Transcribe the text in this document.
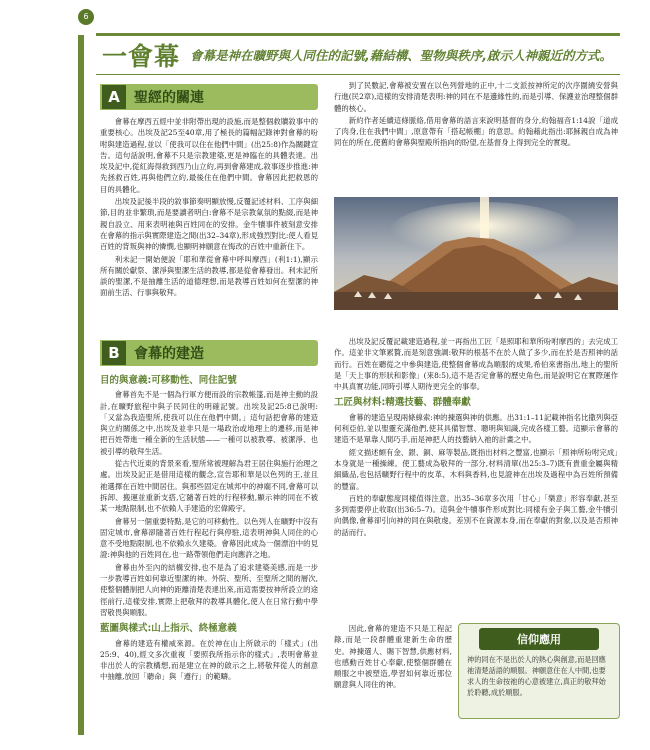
6
一會幕 會幕是神在曠野與人同住的記號,藉結構、聖物與秩序,啟示人神親近的方式。
A	聖經的關連

會幕在摩西五經中並非附帶出現的設施,而是整個救贖敘事中的重要核心。出埃及記25至40章,用了極長的篇幅記錄神對會幕的吩咐與建造過程,並以「使我可以住在他們中間」(出25:8)作為關鍵宣告。這句話說明,會幕不只是宗教建築,更是神臨在的具體表達。出埃及記中,從紅海得救到西乃山立約,再到會幕建成,敘事逐步推進:神先拯救百姓,再與他們立約,最後住在他們中間。會幕因此把救恩的目的具體化。

出埃及記後半段的敘事節奏明顯放慢,反覆記述材料、工序與細節,目的並非繁瑣,而是要讀者明白:會幕不是宗教氣氛的點綴,而是神親自設立、用來表明祂與百姓同在的安排。金牛犢事件被刻意安排在會幕的指示與實際建造之間(出32–34章),形成強烈對比:使人看見百姓的背叛與神的憐憫,也顯明神願意在悔改的百姓中重新住下。

利未記一開始便說「耶和華從會幕中呼叫摩西」(利1:1),顯示所有關於獻祭、潔淨與聖潔生活的教導,都是從會幕發出。利未記所談的聖潔,不是抽離生活的道德理想,而是教導百姓如何在聖潔的神面前生活、行事與敬拜。

到了民數記,會幕被安置在以色列營地的正中,十二支派按神所定的次序圍繞安營與行進(民2章),這樣的安排清楚表明:神的同在不是邊緣性的,而是引導、保護並治理整個群體的核心。

新約作者延續這條脈絡,借用會幕的語言來說明基督的身分,約翰福音1:14說「道成了肉身,住在我們中間」,原意帶有「搭起帳棚」的意思。約翰藉此指出:耶穌親自成為神同在的所在,使舊約會幕與聖殿所指向的盼望,在基督身上得到完全的實現。

B	會幕的建造
目的與意義:可移動性、同住記號

會幕首先不是一個為行軍方便而設的宗教帳篷,而是神主動的設計,在曠野旅程中與子民同住的明確記號。出埃及記25:8已說明:「又當為我造聖所,使我可以住在他們中間。」這句話把會幕的建造與立約關係之中,出埃及並非只是一場政治或地理上的遷移,而是神把百姓帶進一種全新的生活狀態——一種可以被教導、被潔淨、也被引導的敬拜生活。

從古代近東的背景來看,聖所常被理解為君王居住與施行治理之處。出埃及記正是借用這樣的觀念,宣告耶和華是以色列的王,並且祂選擇在百姓中間居住。與那些固定在城邦中的神廟不同,會幕可以拆卸、搬運並重新支搭,它隨著百姓的行程移動,顯示神的同在不被某一地點限制,也不依賴人手建造的宏偉殿宇。

會幕另一個重要特點,是它的可移動性。以色列人在曠野中沒有固定城市,會幕卻隨著百姓行程起行與停駐,這表明神與人同住的心意不受地點限制,也不依賴永久建築。會幕因此成為一個漂泊中的見證:神與他的百姓同在,也一路帶領他們走向應許之地。

會幕由外至內的結構安排,也不是為了追求建築美感,而是一步一步教導百姓如何靠近聖潔的神。外院、聖所、至聖所之間的層次,使整個體制把人向神的距離清楚表達出來,而這需要按神所設立的途徑前行,這樣安排,實際上把敬拜的教導具體化,使人在日常行動中學習敬畏與順服。

藍圖與樣式:山上指示、終極意義

會幕的建造有權威來源。在於神在山上所啟示的「樣式」(出25:9、40),經文多次重複「要照我所指示你的樣式」,表明會幕並非出於人的宗教構想,而是建立在神的啟示之上,將敬拜從人的創意中抽離,放回「聽命」與「遵行」的範疇。

出埃及記反覆記載建造過程,並一再指出工匠「是照耶和華所吩咐摩西的」去完成工作。這並非文筆累贅,而是刻意強調:敬拜的根基不在於人做了多少,而在於是否照神的話而行。百姓在聽從之中參與建造,使整個會幕成為順服的成果,希伯來書指出,地上的聖所是「天上事的形狀和影像」(來8:5),這不是否定會幕的歷史角色,而是說明它在實際運作中具真實功能,同時引導人期待更完全的事奉。

工匠與材料:精選技藝、群體奉獻

會幕的建造呈現兩條線索:神的揀選與神的供應。出31:1–11記載神指名比撒列與亞何利亞伯,並以聖靈充滿他們,使其具備智慧、聰明與知識,完成各樣工藝。這顯示會幕的建造不是單靠人間巧手,而是神把人的技藝納入祂的計畫之中。

經文描述頗有金、銀、銅、麻等製品,既指出材料之豐富,也顯示「照神所吩咐完成」本身就是一種操練。使工藝成為敬拜的一部分,材料清單(出25:3–7)既有貴重金屬與精細織品,也包括曠野行程中的皮革、木料與香料,也見證神在出埃及過程中為百姓所預備的豐富。

百姓的奉獻態度同樣值得注意。出35–36章多次用「甘心」「樂意」形容奉獻,甚至多到需要停止收取(出36:5–7)。這與金牛犢事件形成對比:同樣有金子與工藝,金牛犢引向偶像,會幕卻引向神的同在與敬虔。差別不在資源本身,而在奉獻的對象,以及是否照神的話而行。

因此,會幕的建造不只是工程記錄,而是一段群體重建新生命的歷史。神揀選人、賜下智慧,供應材料,也感動百姓甘心奉獻,使整個群體在順服之中被塑造,學習如何靠近那位願意與人同住的神。

信仰應用
神的同在不是出於人的熱心與創意,而是回應祂清楚話語的順服。神願意住在人中間,也要求人的生命按祂的心意被建立,真正的敬拜始於聆聽,成於順服。
